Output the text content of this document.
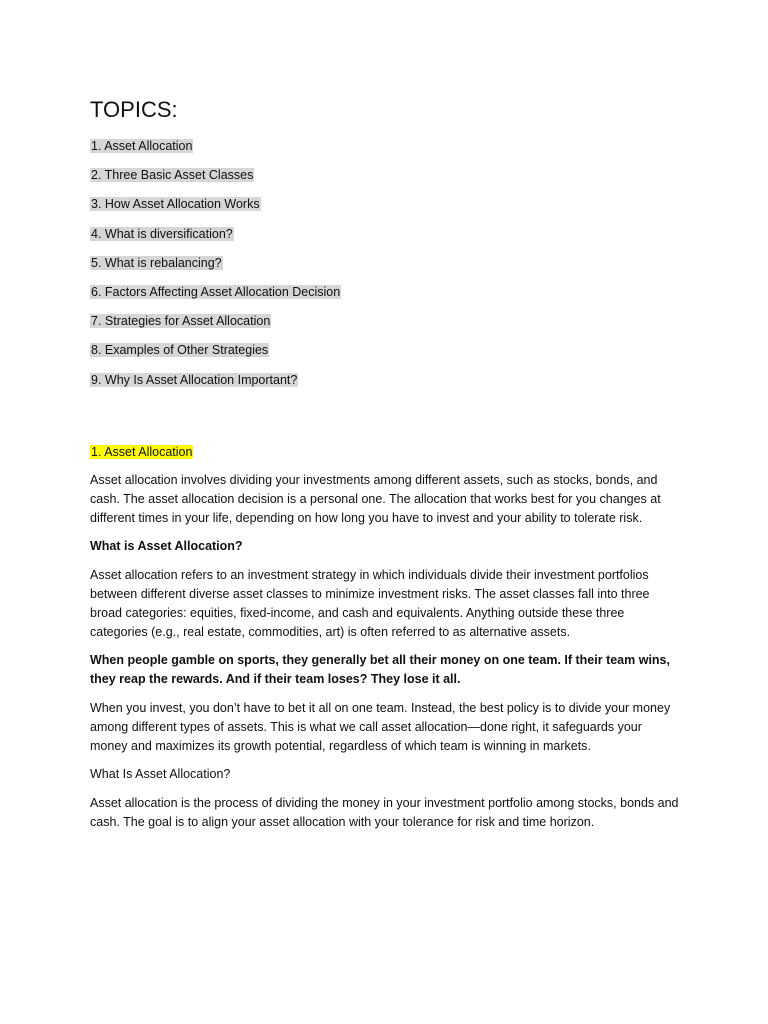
TOPICS:
1. Asset Allocation
2. Three Basic Asset Classes
3. How Asset Allocation Works
4. What is diversification?
5. What is rebalancing?
6. Factors Affecting Asset Allocation Decision
7. Strategies for Asset Allocation
8. Examples of Other Strategies
9. Why Is Asset Allocation Important?
1. Asset Allocation

Asset allocation involves dividing your investments among different assets, such as stocks, bonds, and cash. The asset allocation decision is a personal one. The allocation that works best for you changes at different times in your life, depending on how long you have to invest and your ability to tolerate risk.

What is Asset Allocation?

Asset allocation refers to an investment strategy in which individuals divide their investment portfolios between different diverse asset classes to minimize investment risks. The asset classes fall into three broad categories: equities, fixed-income, and cash and equivalents. Anything outside these three categories (e.g., real estate, commodities, art) is often referred to as alternative assets.

When people gamble on sports, they generally bet all their money on one team. If their team wins, they reap the rewards. And if their team loses? They lose it all.

When you invest, you don’t have to bet it all on one team. Instead, the best policy is to divide your money among different types of assets. This is what we call asset allocation—done right, it safeguards your money and maximizes its growth potential, regardless of which team is winning in markets.

What Is Asset Allocation?

Asset allocation is the process of dividing the money in your investment portfolio among stocks, bonds and cash. The goal is to align your asset allocation with your tolerance for risk and time horizon.
